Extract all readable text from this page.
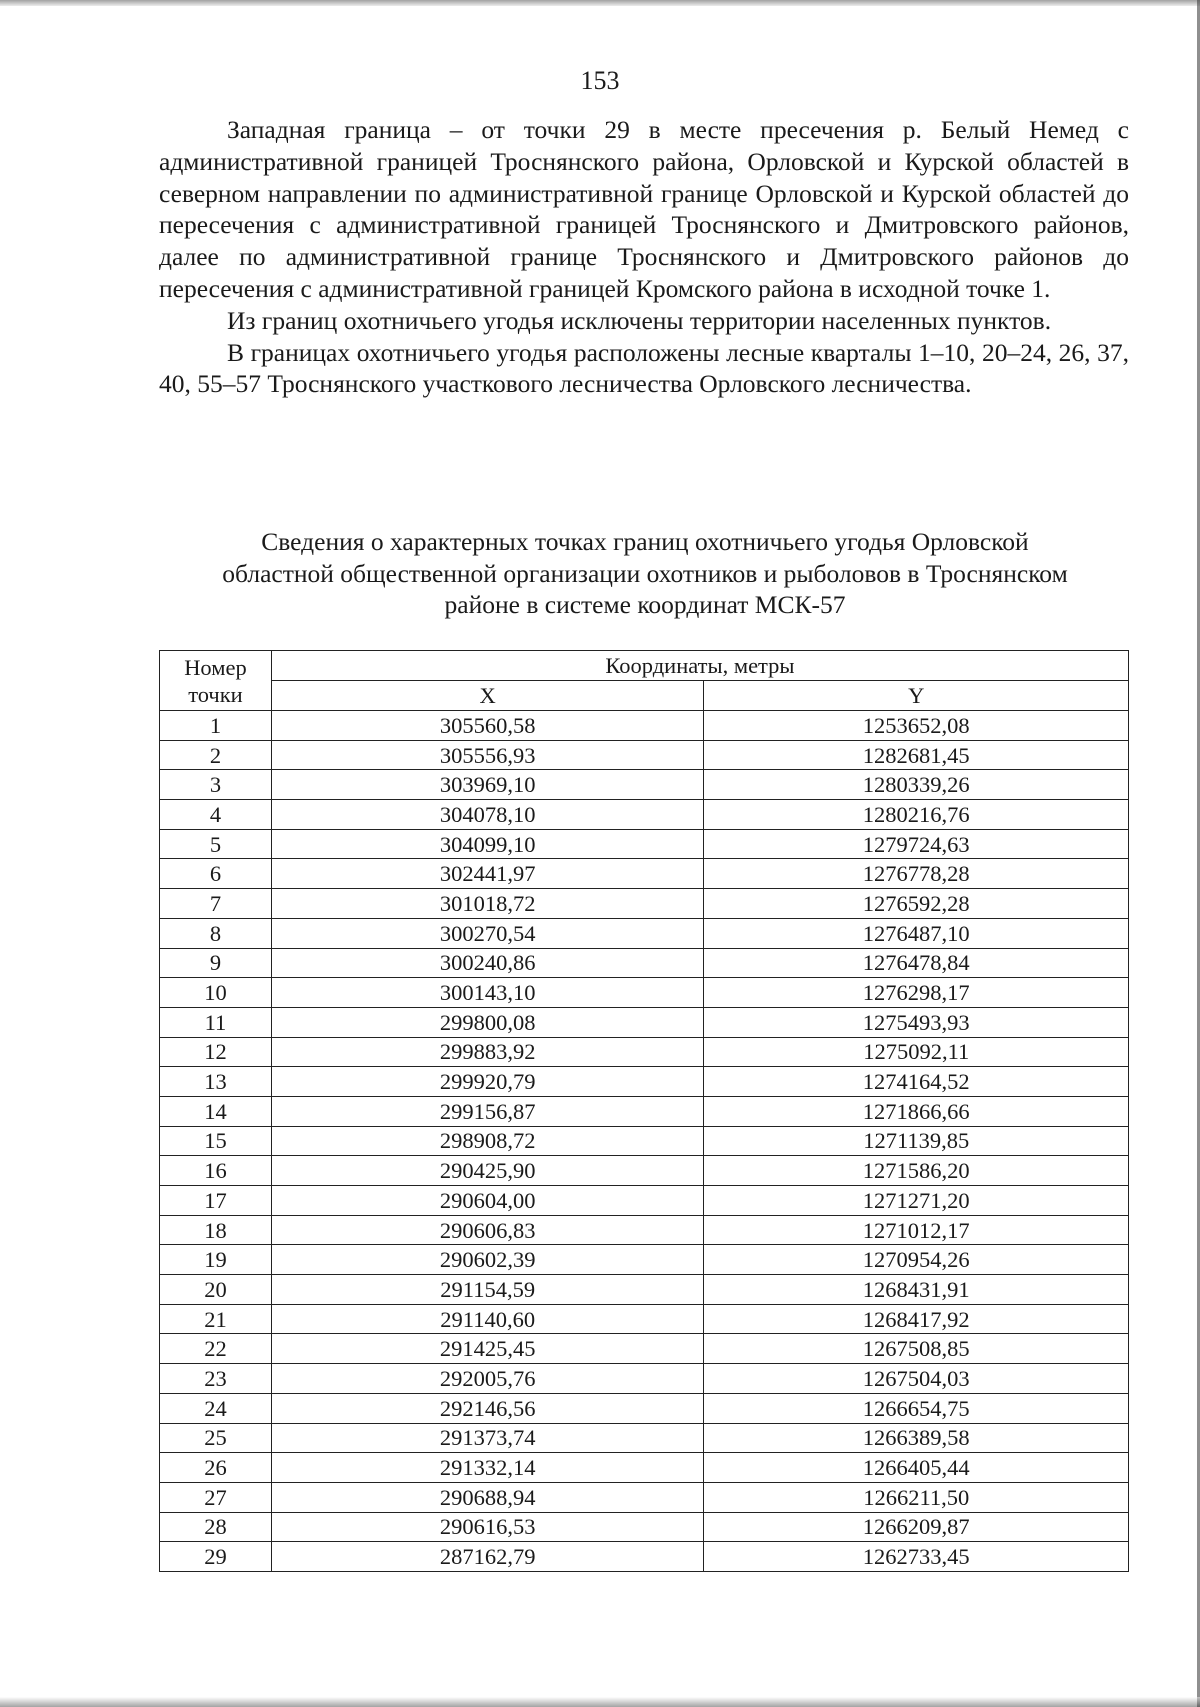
153

Западная граница – от точки 29 в месте пресечения р. Белый Немед с административной границей Троснянского района, Орловской и Курской областей в северном направлении по административной границе Орловской и Курской областей до пересечения с административной границей Троснянского и Дмитровского районов, далее по административной границе Троснянского и Дмитровского районов до пересечения с административной границей Кромского района в исходной точке 1.

Из границ охотничьего угодья исключены территории населенных пунктов.

В границах охотничьего угодья расположены лесные кварталы 1–10, 20–24, 26, 37, 40, 55–57 Троснянского участкового лесничества Орловского лесничества.

Сведения о характерных точках границ охотничьего угодья Орловской
областной общественной организации охотников и рыболовов в Троснянском
районе в системе координат МСК-57
Номер
точки	Координаты, метры	
	X	Y
1	305560,58	1253652,08
2	305556,93	1282681,45
3	303969,10	1280339,26
4	304078,10	1280216,76
5	304099,10	1279724,63
6	302441,97	1276778,28
7	301018,72	1276592,28
8	300270,54	1276487,10
9	300240,86	1276478,84
10	300143,10	1276298,17
11	299800,08	1275493,93
12	299883,92	1275092,11
13	299920,79	1274164,52
14	299156,87	1271866,66
15	298908,72	1271139,85
16	290425,90	1271586,20
17	290604,00	1271271,20
18	290606,83	1271012,17
19	290602,39	1270954,26
20	291154,59	1268431,91
21	291140,60	1268417,92
22	291425,45	1267508,85
23	292005,76	1267504,03
24	292146,56	1266654,75
25	291373,74	1266389,58
26	291332,14	1266405,44
27	290688,94	1266211,50
28	290616,53	1266209,87
29	287162,79	1262733,45
